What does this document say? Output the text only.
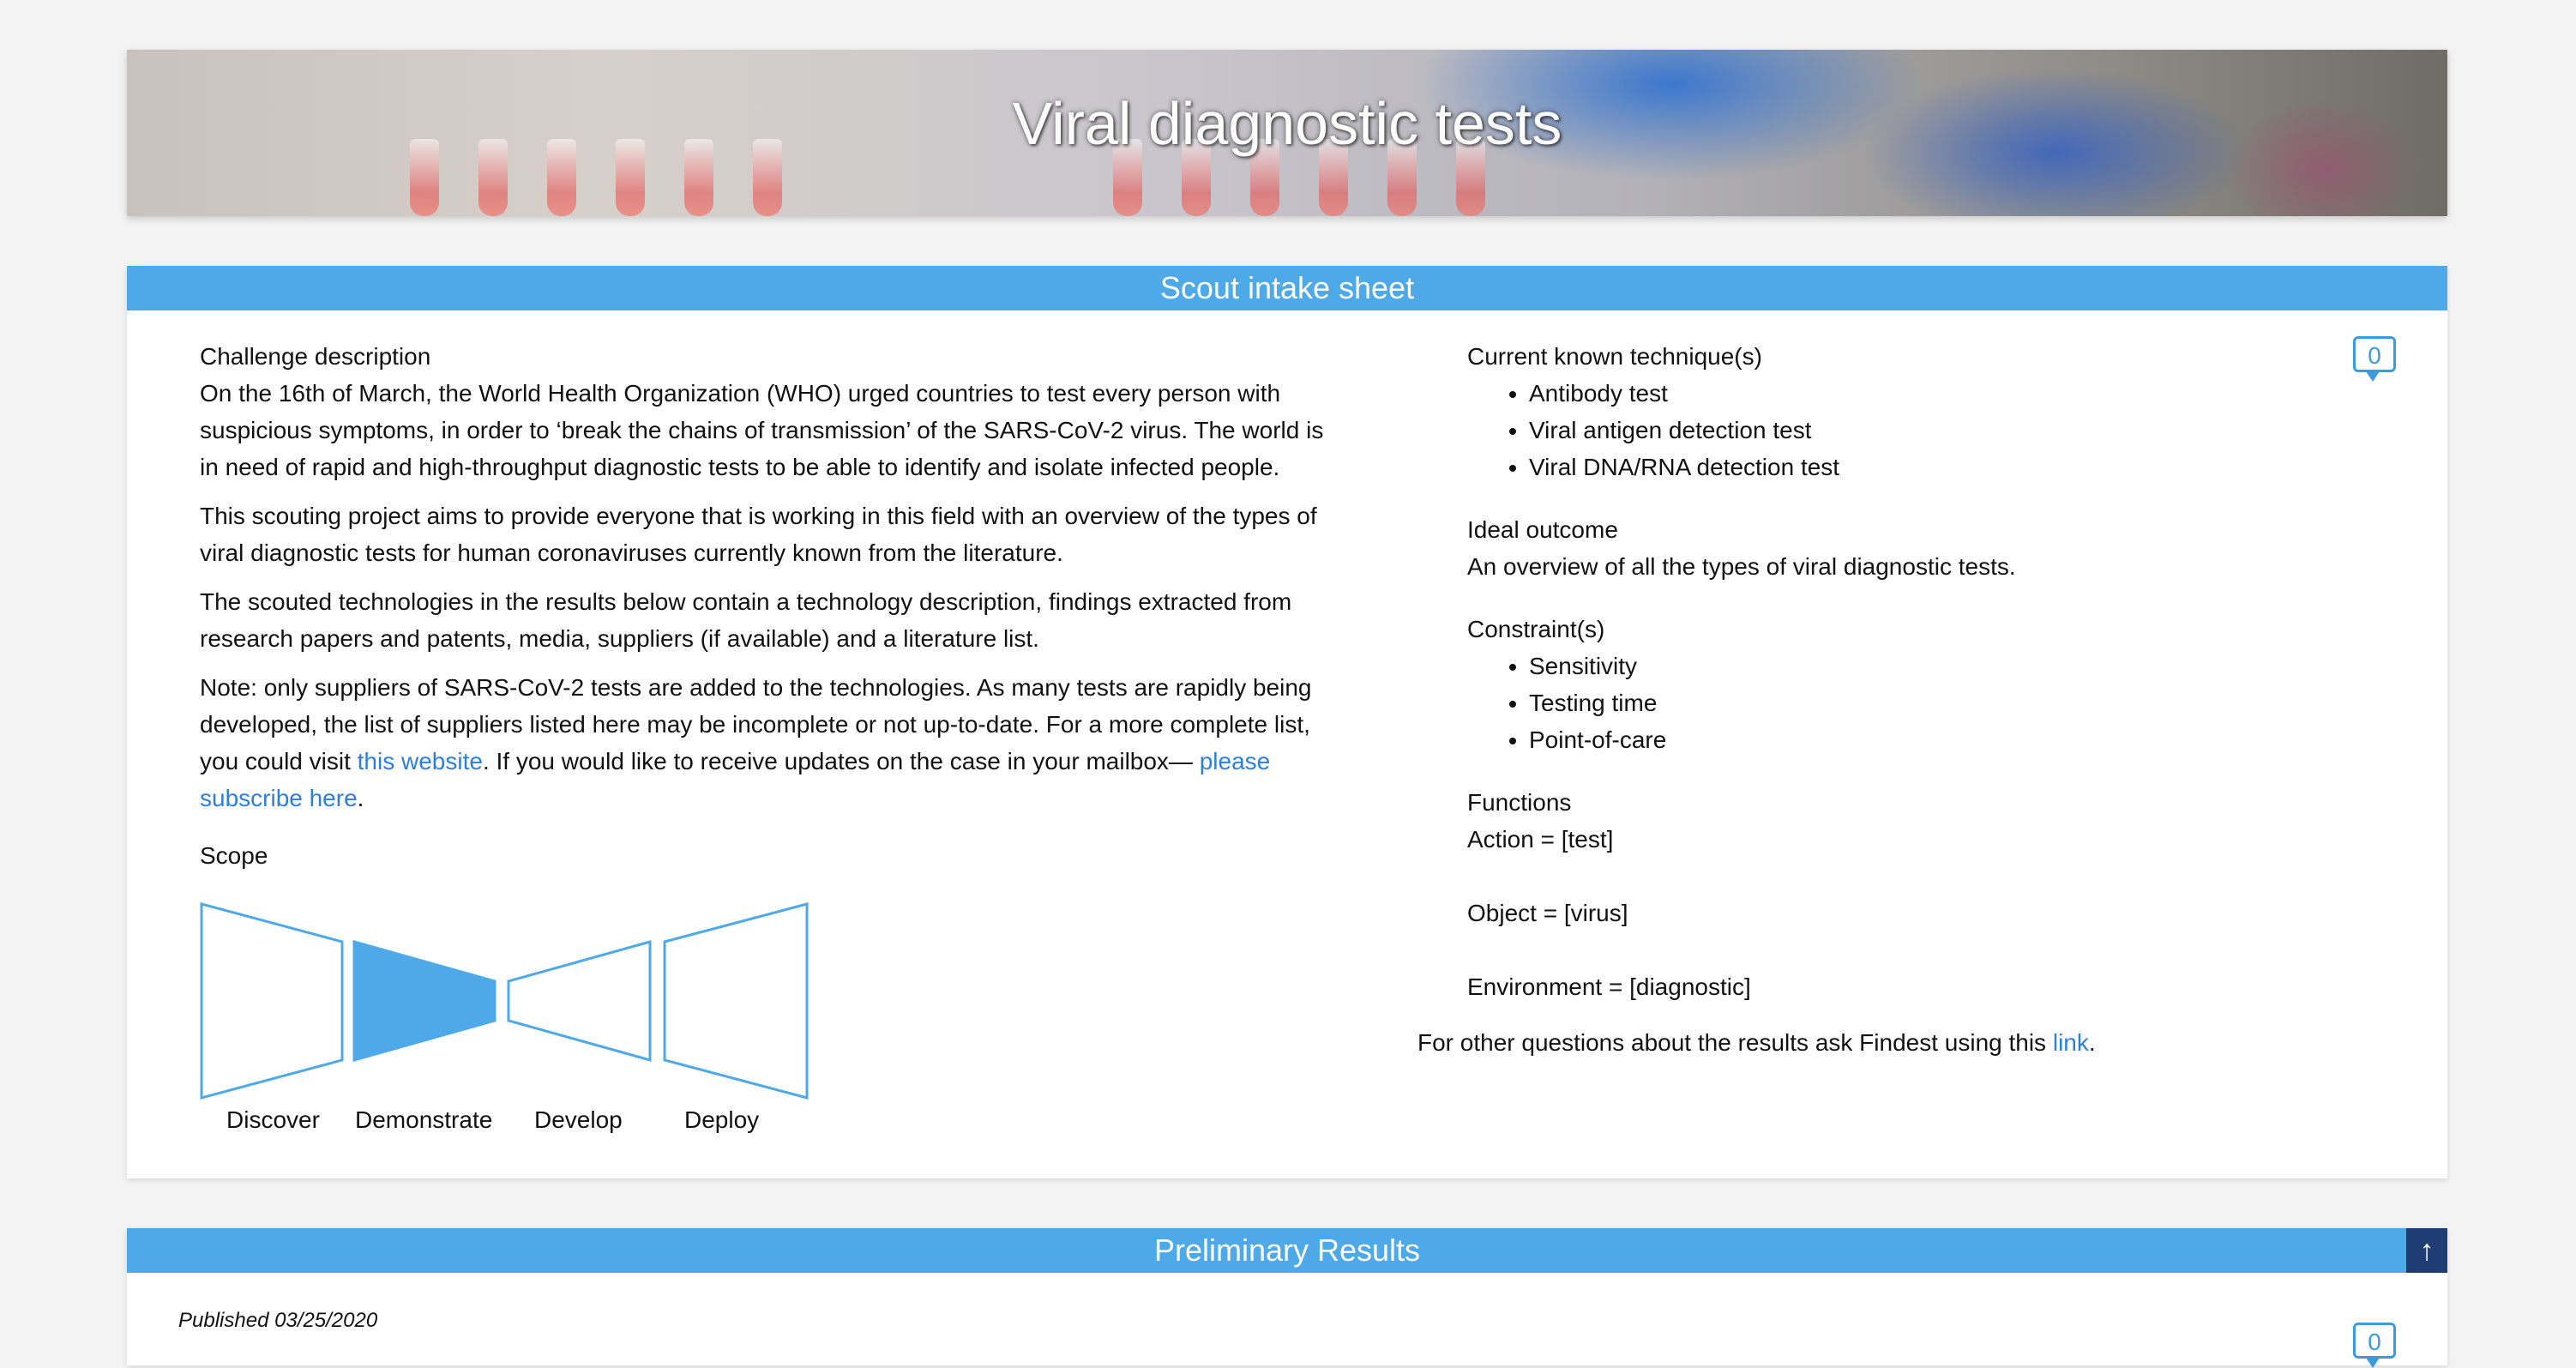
Viral diagnostic tests
Scout intake sheet
0
Challenge description

On the 16th of March, the World Health Organization (WHO) urged countries to test every person with suspicious symptoms, in order to ‘break the chains of transmission’ of the SARS-CoV-2 virus. The world is in need of rapid and high-throughput diagnostic tests to be able to identify and isolate infected people.

This scouting project aims to provide everyone that is working in this field with an overview of the types of viral diagnostic tests for human coronaviruses currently known from the literature.

The scouted technologies in the results below contain a technology description, findings extracted from research papers and patents, media, suppliers (if available) and a literature list.

Note: only suppliers of SARS-CoV-2 tests are added to the technologies. As many tests are rapidly being developed, the list of suppliers listed here may be incomplete or not up-to-date. For a more complete list, you could visit this website. If you would like to receive updates on the case in your mailbox— please subscribe here.

Scope
Discover Demonstrate Develop	Deploy
Current known technique(s)
• Antibody test
• Viral antigen detection test
• Viral DNA/RNA detection test
Ideal outcome
An overview of all the types of viral diagnostic tests.
Constraint(s)
• Sensitivity
• Testing time
• Point-of-care
Functions
Action = [test]
Object = [virus]
Environment = [diagnostic]
For other questions about the results ask Findest using this link.
Preliminary Results	↑
Published 03/25/2020
0
